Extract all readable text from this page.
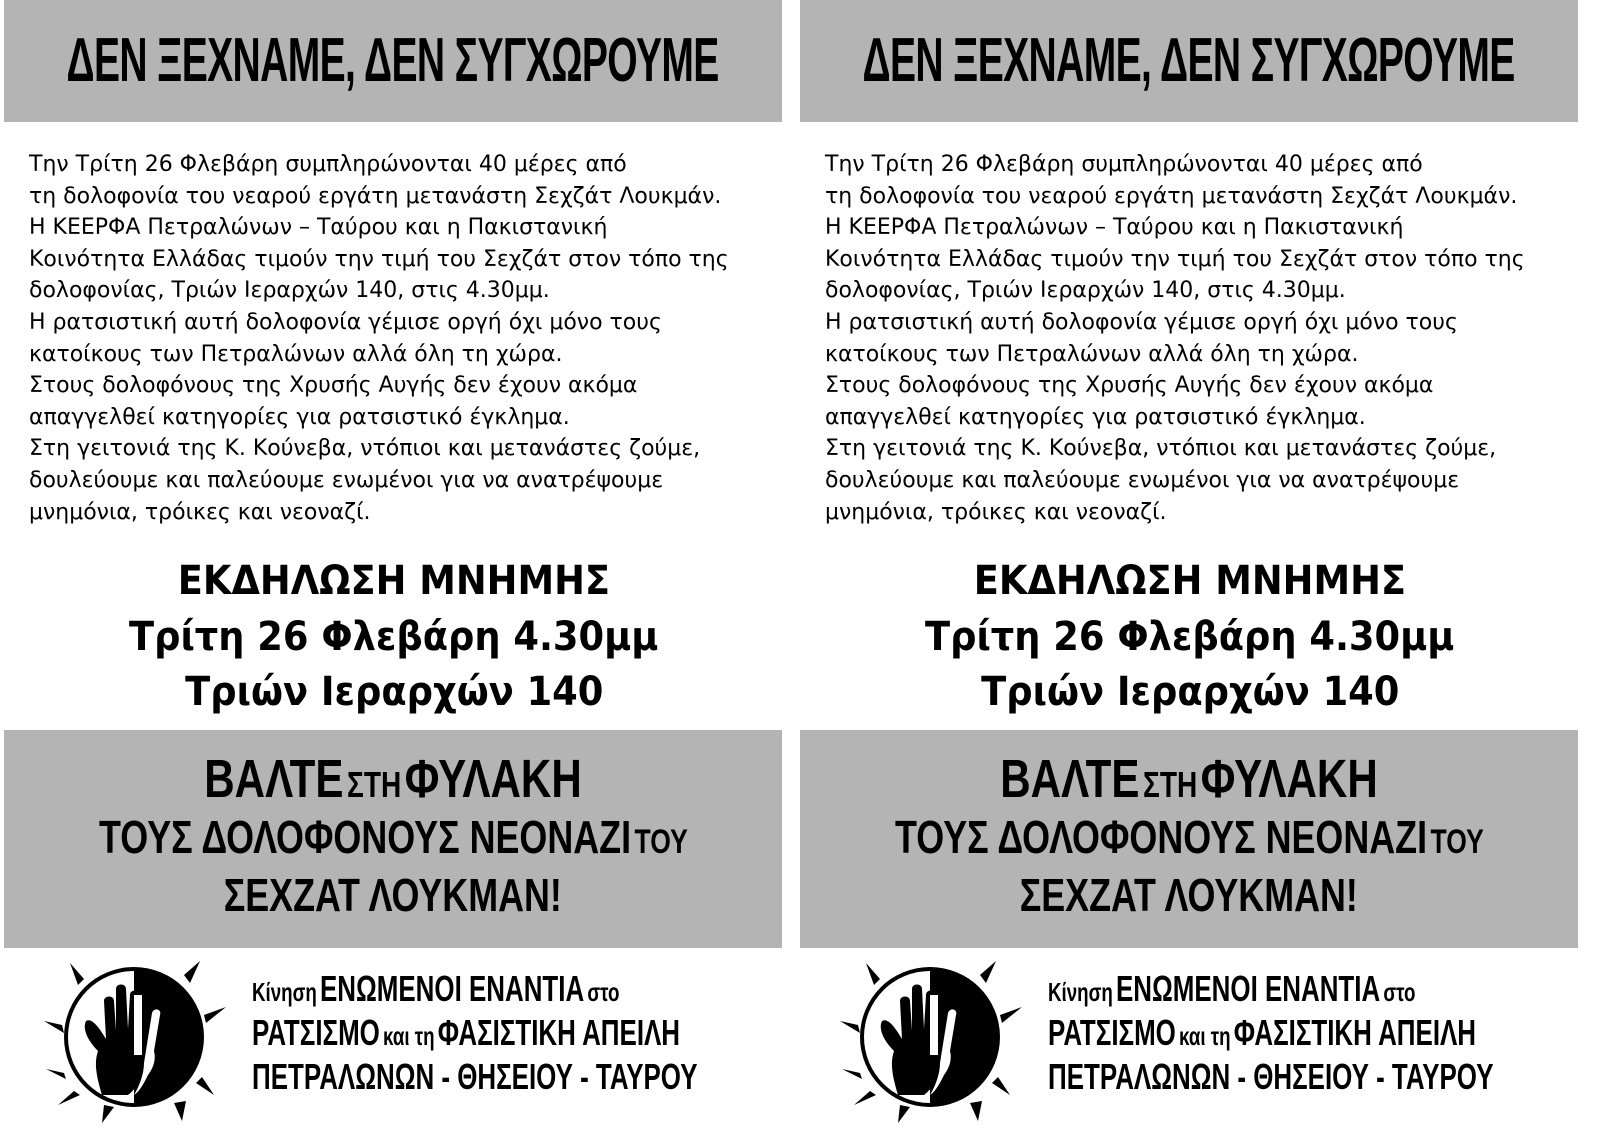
ΔΕΝ ΞΕΧΝΑΜΕ, ΔΕΝ ΣΥΓΧΩΡΟΥΜΕ
Την Τρίτη 26 Φλεβάρη συμπληρώνονται 40 μέρες από
τη δολοφονία του νεαρού εργάτη μετανάστη Σεχζάτ Λουκμάν.
Η ΚΕΕΡΦΑ Πετραλώνων – Ταύρου και η Πακιστανική
Κοινότητα Ελλάδας τιμούν την τιμή του Σεχζάτ στον τόπο της
δολοφονίας, Τριών Ιεραρχών 140, στις 4.30μμ.
Η ρατσιστική αυτή δολοφονία γέμισε οργή όχι μόνο τους
κατοίκους των Πετραλώνων αλλά όλη τη χώρα.
Στους δολοφόνους της Χρυσής Αυγής δεν έχουν ακόμα
απαγγελθεί κατηγορίες για ρατσιστικό έγκλημα.
Στη γειτονιά της Κ. Κούνεβα, ντόπιοι και μετανάστες ζούμε,
δουλεύουμε και παλεύουμε ενωμένοι για να ανατρέψουμε
μνημόνια, τρόικες και νεοναζί.
ΕΚΔΗΛΩΣΗ ΜΝΗΜΗΣ
Τρίτη 26 Φλεβάρη 4.30μμ
Τριών Ιεραρχών 140
ΒΑΛΤΕ ΣΤΗ ΦΥΛΑΚΗ
ΤΟΥΣ ΔΟΛΟΦΟΝΟΥΣ ΝΕΟΝΑΖΙ ΤΟΥ
ΣΕΧΖΑΤ ΛΟΥΚΜΑΝ!
Κίνηση ΕΝΩΜΕΝΟΙ ΕΝΑΝΤΙΑ στο
ΡΑΤΣΙΣΜΟ και τη ΦΑΣΙΣΤΙΚΗ ΑΠΕΙΛΗ
ΠΕΤΡΑΛΩΝΩΝ - ΘΗΣΕΙΟΥ - ΤΑΥΡΟΥ
ΔΕΝ ΞΕΧΝΑΜΕ, ΔΕΝ ΣΥΓΧΩΡΟΥΜΕ
Την Τρίτη 26 Φλεβάρη συμπληρώνονται 40 μέρες από
τη δολοφονία του νεαρού εργάτη μετανάστη Σεχζάτ Λουκμάν.
Η ΚΕΕΡΦΑ Πετραλώνων – Ταύρου και η Πακιστανική
Κοινότητα Ελλάδας τιμούν την τιμή του Σεχζάτ στον τόπο της
δολοφονίας, Τριών Ιεραρχών 140, στις 4.30μμ.
Η ρατσιστική αυτή δολοφονία γέμισε οργή όχι μόνο τους
κατοίκους των Πετραλώνων αλλά όλη τη χώρα.
Στους δολοφόνους της Χρυσής Αυγής δεν έχουν ακόμα
απαγγελθεί κατηγορίες για ρατσιστικό έγκλημα.
Στη γειτονιά της Κ. Κούνεβα, ντόπιοι και μετανάστες ζούμε,
δουλεύουμε και παλεύουμε ενωμένοι για να ανατρέψουμε
μνημόνια, τρόικες και νεοναζί.
ΕΚΔΗΛΩΣΗ ΜΝΗΜΗΣ
Τρίτη 26 Φλεβάρη 4.30μμ
Τριών Ιεραρχών 140
ΒΑΛΤΕ ΣΤΗ ΦΥΛΑΚΗ
ΤΟΥΣ ΔΟΛΟΦΟΝΟΥΣ ΝΕΟΝΑΖΙ ΤΟΥ
ΣΕΧΖΑΤ ΛΟΥΚΜΑΝ!
Κίνηση ΕΝΩΜΕΝΟΙ ΕΝΑΝΤΙΑ στο
ΡΑΤΣΙΣΜΟ και τη ΦΑΣΙΣΤΙΚΗ ΑΠΕΙΛΗ
ΠΕΤΡΑΛΩΝΩΝ - ΘΗΣΕΙΟΥ - ΤΑΥΡΟΥ
